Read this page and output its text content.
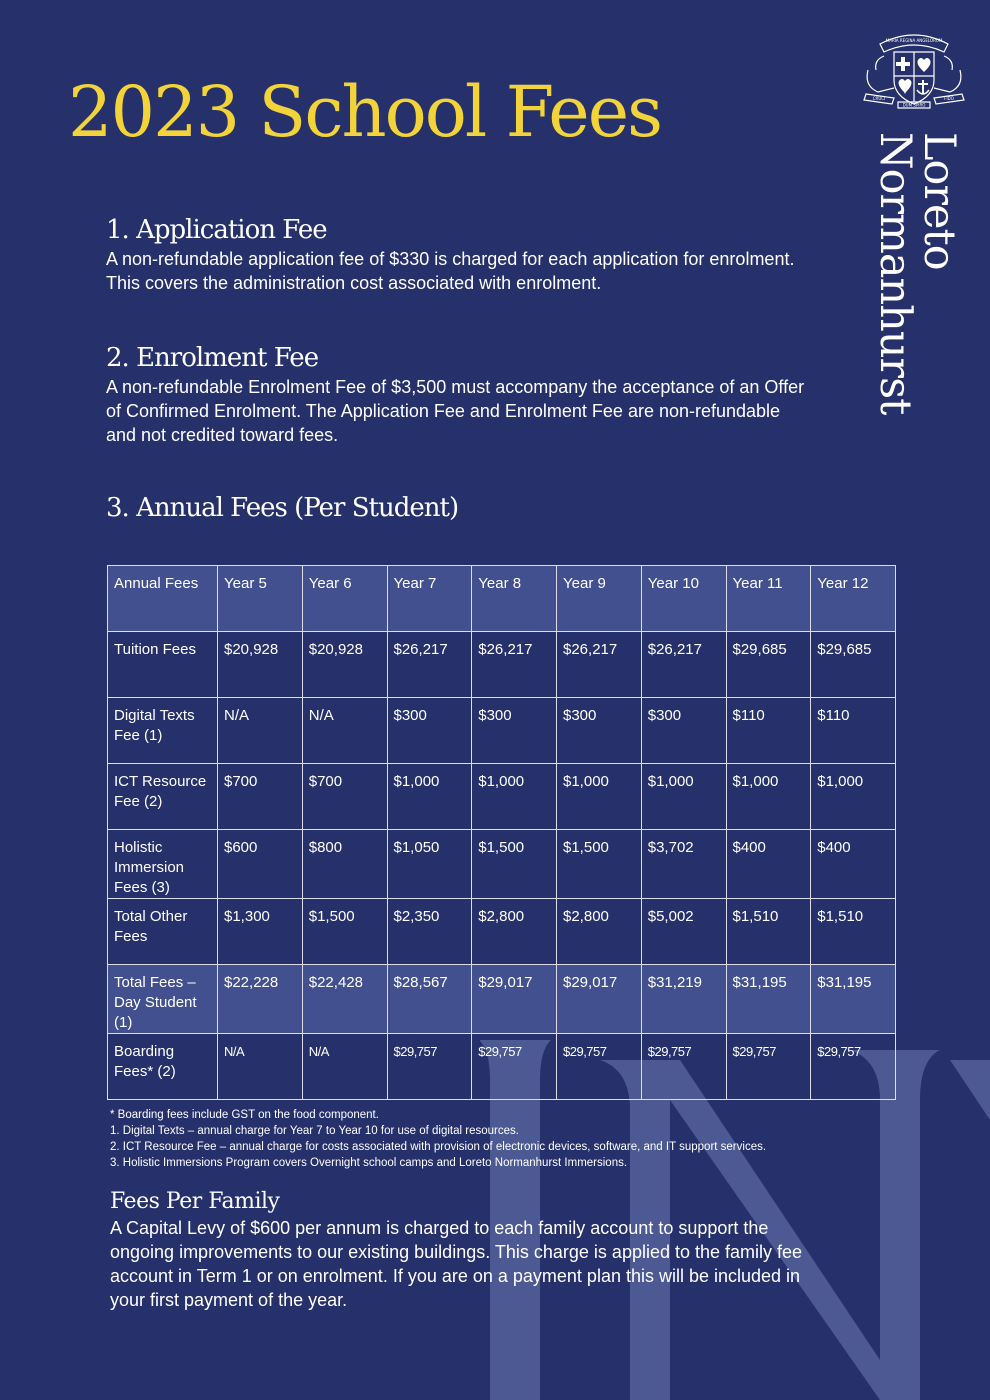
2023 School Fees
MARIA REGINA ANGELORUM
CRUCI
DUM SPIRO
FIDO
Loreto
Normanhurst
1. Application Fee

A non-refundable application fee of $330 is charged for each application for enrolment. This covers the administration cost associated with enrolment.

2. Enrolment Fee

A non-refundable Enrolment Fee of $3,500 must accompany the acceptance of an Offer of Confirmed Enrolment. The Application Fee and Enrolment Fee are non-refundable and not credited toward fees.

3. Annual Fees (Per Student)
Annual Fees	Year 5	Year 6	Year 7	Year 8	Year 9	Year 10	Year 11	Year 12
Tuition Fees	$20,928	$20,928	$26,217	$26,217	$26,217	$26,217	$29,685	$29,685
Digital Texts Fee (1)	N/A	N/A	$300	$300	$300	$300	$110	$110
ICT Resource Fee (2)	$700	$700	$1,000	$1,000	$1,000	$1,000	$1,000	$1,000
Holistic Immersion Fees (3)	$600	$800	$1,050	$1,500	$1,500	$3,702	$400	$400
Total Other Fees	$1,300	$1,500	$2,350	$2,800	$2,800	$5,002	$1,510	$1,510
Total Fees – Day Student (1)	$22,228	$22,428	$28,567	$29,017	$29,017	$31,219	$31,195	$31,195
Boarding Fees* (2)	N/A	N/A	$29,757	$29,757	$29,757	$29,757	$29,757	$29,757
* Boarding fees include GST on the food component.
1. Digital Texts – annual charge for Year 7 to Year 10 for use of digital resources.
2. ICT Resource Fee – annual charge for costs associated with provision of electronic devices, software, and IT support services.
3. Holistic Immersions Program covers Overnight school camps and Loreto Normanhurst Immersions.
Fees Per Family

A Capital Levy of $600 per annum is charged to each family account to support the ongoing improvements to our existing buildings. This charge is applied to the family fee account in Term 1 or on enrolment. If you are on a payment plan this will be included in your first payment of the year.
